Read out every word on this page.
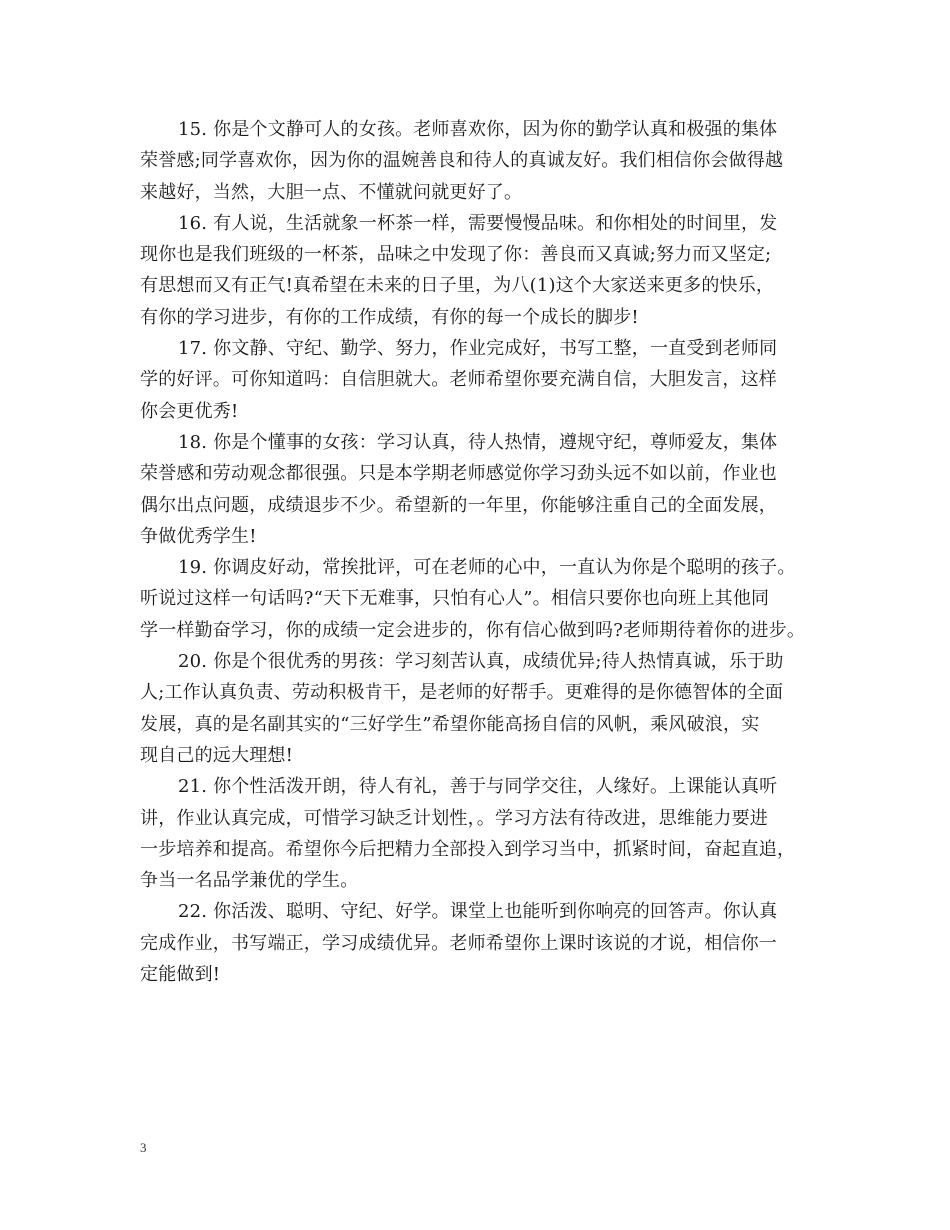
15. 你是个文静可人的女孩。老师喜欢你，因为你的勤学认真和极强的集体
荣誉感;同学喜欢你，因为你的温婉善良和待人的真诚友好。我们相信你会做得越
来越好，当然，大胆一点、不懂就问就更好了。

16. 有人说，生活就象一杯茶一样，需要慢慢品味。和你相处的时间里，发
现你也是我们班级的一杯茶，品味之中发现了你：善良而又真诚;努力而又坚定;
有思想而又有正气!真希望在未来的日子里，为八(1)这个大家送来更多的快乐，
有你的学习进步，有你的工作成绩，有你的每一个成长的脚步!

17. 你文静、守纪、勤学、努力，作业完成好，书写工整，一直受到老师同
学的好评。可你知道吗：自信胆就大。老师希望你要充满自信，大胆发言，这样
你会更优秀!

18. 你是个懂事的女孩：学习认真，待人热情，遵规守纪，尊师爱友，集体
荣誉感和劳动观念都很强。只是本学期老师感觉你学习劲头远不如以前，作业也
偶尔出点问题，成绩退步不少。希望新的一年里，你能够注重自己的全面发展，
争做优秀学生!

19. 你调皮好动，常挨批评，可在老师的心中，一直认为你是个聪明的孩子。
听说过这样一句话吗?“天下无难事，只怕有心人”。相信只要你也向班上其他同
学一样勤奋学习，你的成绩一定会进步的，你有信心做到吗?老师期待着你的进步。

20. 你是个很优秀的男孩：学习刻苦认真，成绩优异;待人热情真诚，乐于助
人;工作认真负责、劳动积极肯干，是老师的好帮手。更难得的是你德智体的全面
发展，真的是名副其实的“三好学生”希望你能高扬自信的风帆，乘风破浪，实
现自己的远大理想!

21. 你个性活泼开朗，待人有礼，善于与同学交往，人缘好。上课能认真听
讲，作业认真完成，可惜学习缺乏计划性，。学习方法有待改进，思维能力要进
一步培养和提高。希望你今后把精力全部投入到学习当中，抓紧时间，奋起直追，
争当一名品学兼优的学生。

22. 你活泼、聪明、守纪、好学。课堂上也能听到你响亮的回答声。你认真
完成作业，书写端正，学习成绩优异。老师希望你上课时该说的才说，相信你一
定能做到!

3
